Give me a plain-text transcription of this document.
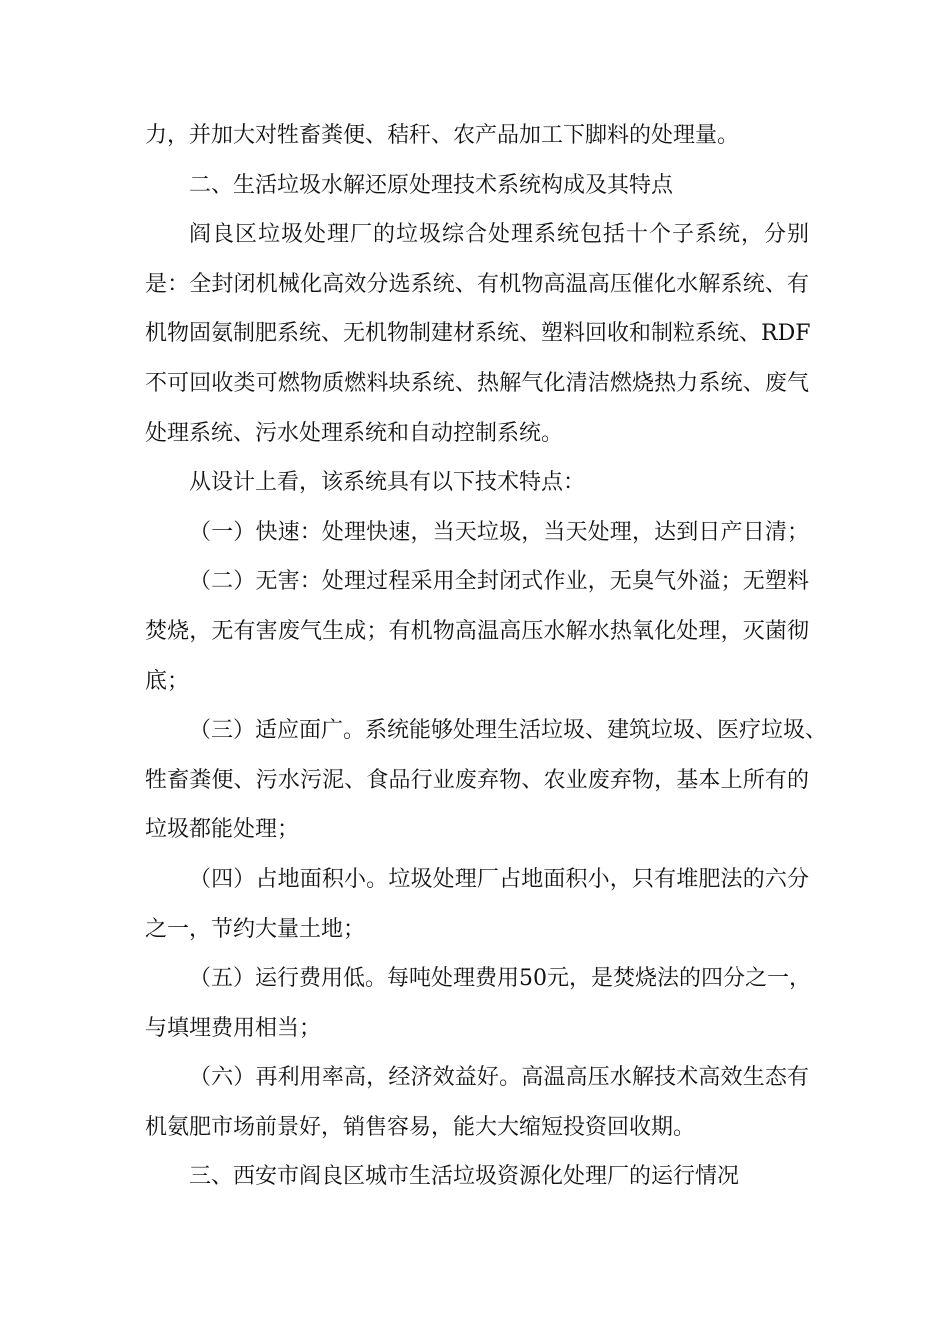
力，并加大对牲畜粪便、秸秆、农产品加工下脚料的处理量。
二、生活垃圾水解还原处理技术系统构成及其特点
阎良区垃圾处理厂的垃圾综合处理系统包括十个子系统，分别
是：全封闭机械化高效分选系统、有机物高温高压催化水解系统、有
机物固氨制肥系统、无机物制建材系统、塑料回收和制粒系统、RDF
不可回收类可燃物质燃料块系统、热解气化清洁燃烧热力系统、废气
处理系统、污水处理系统和自动控制系统。
从设计上看，该系统具有以下技术特点：
（一）快速：处理快速，当天垃圾，当天处理，达到日产日清；
（二）无害：处理过程采用全封闭式作业，无臭气外溢；无塑料
焚烧，无有害废气生成；有机物高温高压水解水热氧化处理，灭菌彻
底；
（三）适应面广。系统能够处理生活垃圾、建筑垃圾、医疗垃圾、
牲畜粪便、污水污泥、食品行业废弃物、农业废弃物，基本上所有的
垃圾都能处理；
（四）占地面积小。垃圾处理厂占地面积小，只有堆肥法的六分
之一，节约大量土地；
（五）运行费用低。每吨处理费用50元，是焚烧法的四分之一，
与填埋费用相当；
（六）再利用率高，经济效益好。高温高压水解技术高效生态有
机氨肥市场前景好，销售容易，能大大缩短投资回收期。
三、西安市阎良区城市生活垃圾资源化处理厂的运行情况
